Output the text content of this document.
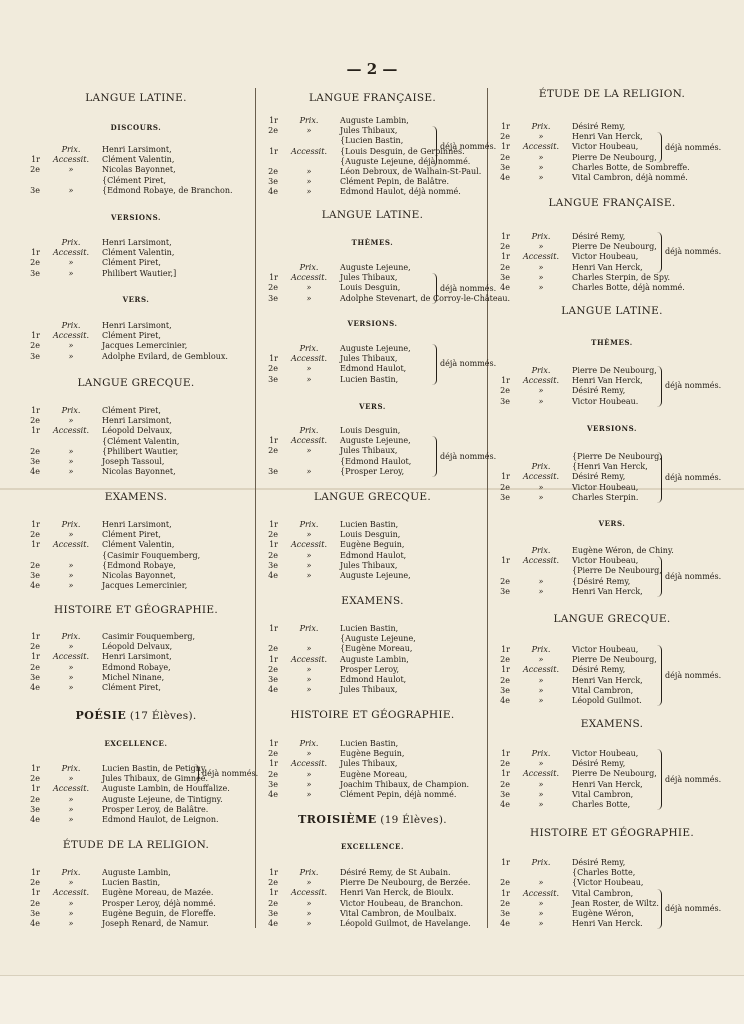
— 2 —
LANGUE LATINE.
DISCOURS.
Prix.	Henri Larsimont,
1r	Accessit.	Clément Valentin,
2e	»	Nicolas Bayonnet,
{Clément Piret,
3e	»	{Edmond Robaye, de Branchon.
VERSIONS.
Prix.	Henri Larsimont,
1r	Accessit.	Clément Valentin,
2e	»	Clément Piret,
3e	»	Philibert Wautier,]
VERS.
Prix.	Henri Larsimont,
1r	Accessit.	Clément Piret,
2e	»	Jacques Lemercinier,
3e	»	Adolphe Evilard, de Gembloux.
LANGUE GRECQUE.
1r	Prix.	Clément Piret,
2e	»	Henri Larsimont,
1r	Accessit.	Léopold Delvaux,
{Clément Valentin,
2e	»	{Philibert Wautier,
3e	»	Joseph Tassoul,
4e	»	Nicolas Bayonnet,
EXAMENS.
1r	Prix.	Henri Larsimont,
2e	»	Clément Piret,
1r	Accessit.	Clément Valentin,
{Casimir Fouquemberg,
2e	»	{Edmond Robaye,
3e	»	Nicolas Bayonnet,
4e	»	Jacques Lemercinier,
HISTOIRE ET GÉOGRAPHIE.
1r	Prix.	Casimir Fouquemberg,
2e	»	Léopold Delvaux,
1r	Accessit.	Henri Larsimont,
2e	»	Edmond Robaye,
3e	»	Michel Ninane,
4e	»	Clément Piret,
POÉSIE (17 Élèves).
EXCELLENCE.
1r	Prix.	Lucien Bastin, de Petigny.
2e	»	Jules Thibaux, de Gimnée.
1r	Accessit.	Auguste Lambin, de Houffalize.
2e	»	Auguste Lejeune, de Tintigny.
3e	»	Prosper Leroy, de Balâtre.
4e	»	Edmond Haulot, de Leignon.
déjà nommés.
ÉTUDE DE LA RELIGION.
1r	Prix.	Auguste Lambin,
2e	»	Lucien Bastin,
1r	Accessit.	Eugène Moreau, de Mazée.
2e	»	Prosper Leroy, déjà nommé.
3e	»	Eugène Beguin, de Floreffe.
4e	»	Joseph Renard, de Namur.
LANGUE FRANÇAISE.
1r	Prix.	Auguste Lambin,
2e	»	Jules Thibaux,
{Lucien Bastin,
1r	Accessit.	{Louis Desguin, de Gerpinnes.
{Auguste Lejeune, déjà nommé.
2e	»	Léon Debroux, de Walhain-St-Paul.
3e	»	Clément Pepin, de Balâtre.
4e	»	Edmond Haulot, déjà nommé.
déjà nommés.
LANGUE LATINE.
THÈMES.
Prix.	Auguste Lejeune,
1r	Accessit.	Jules Thibaux,
2e	»	Louis Desguin,
3e	»	Adolphe Stevenart, de Corroy-le-Château.
déjà nommés.
VERSIONS.
Prix.	Auguste Lejeune,
1r	Accessit.	Jules Thibaux,
2e	»	Edmond Haulot,
3e	»	Lucien Bastin,
déjà nommés.
VERS.
Prix.	Louis Desguin,
1r	Accessit.	Auguste Lejeune,
2e	»	Jules Thibaux,
{Edmond Haulot,
3e	»	{Prosper Leroy,
déjà nommés.
LANGUE GRECQUE.
1r	Prix.	Lucien Bastin,
2e	»	Louis Desguin,
1r	Accessit.	Eugène Beguin,
2e	»	Edmond Haulot,
3e	»	Jules Thibaux,
4e	»	Auguste Lejeune,
EXAMENS.
1r	Prix.	Lucien Bastin,
{Auguste Lejeune,
2e	»	{Eugène Moreau,
1r	Accessit.	Auguste Lambin,
2e	»	Prosper Leroy,
3e	»	Edmond Haulot,
4e	»	Jules Thibaux,
HISTOIRE ET GÉOGRAPHIE.
1r	Prix.	Lucien Bastin,
2e	»	Eugène Beguin,
1r	Accessit.	Jules Thibaux,
2e	»	Eugène Moreau,
3e	»	Joachim Thibaux, de Champion.
4e	»	Clément Pepin, déjà nommé.
TROISIÈME (19 Élèves).
EXCELLENCE.
1r	Prix.	Désiré Remy, de St Aubain.
2e	»	Pierre De Neubourg, de Berzée.
1r	Accessit.	Henri Van Herck, de Bioulx.
2e	»	Victor Houbeau, de Branchon.
3e	»	Vital Cambron, de Moulbaix.
4e	»	Léopold Guilmot, de Havelange.
ÉTUDE DE LA RELIGION.
1r	Prix.	Désiré Remy,
2e	»	Henri Van Herck,
1r	Accessit.	Victor Houbeau,
2e	»	Pierre De Neubourg,
3e	»	Charles Botte, de Sombreffe.
4e	»	Vital Cambron, déjà nommé.
déjà nommés.
LANGUE FRANÇAISE.
1r	Prix.	Désiré Remy,
2e	»	Pierre De Neubourg,
1r	Accessit.	Victor Houbeau,
2e	»	Henri Van Herck,
3e	»	Charles Sterpin, de Spy.
4e	»	Charles Botte, déjà nommé.
déjà nommés.
LANGUE LATINE.
THÈMES.
Prix.	Pierre De Neubourg,
1r	Accessit.	Henri Van Herck,
2e	»	Désiré Remy,
3e	»	Victor Houbeau.
déjà nommés.
VERSIONS.
{Pierre De Neubourg,
Prix.	{Henri Van Herck,
1r	Accessit.	Désiré Remy,
2e	»	Victor Houbeau,
3e	»	Charles Sterpin.
déjà nommés.
VERS.
Prix.	Eugène Wéron, de Chiny.
1r	Accessit.	Victor Houbeau,
{Pierre De Neubourg,
2e	»	{Désiré Remy,
3e	»	Henri Van Herck,
déjà nommés.
LANGUE GRECQUE.
1r	Prix.	Victor Houbeau,
2e	»	Pierre De Neubourg,
1r	Accessit.	Désiré Remy,
2e	»	Henri Van Herck,
3e	»	Vital Cambron,
4e	»	Léopold Guilmot.
déjà nommés.
EXAMENS.
1r	Prix.	Victor Houbeau,
2e	»	Désiré Remy,
1r	Accessit.	Pierre De Neubourg,
2e	»	Henri Van Herck,
3e	»	Vital Cambron,
4e	»	Charles Botte,
déjà nommés.
HISTOIRE ET GÉOGRAPHIE.
1r	Prix.	Désiré Remy,
{Charles Botte,
2e	»	{Victor Houbeau,
1r	Accessit.	Vital Cambron,
2e	»	Jean Roster, de Wiltz.
3e	»	Eugène Wéron,
4e	»	Henri Van Herck.
déjà nommés.
